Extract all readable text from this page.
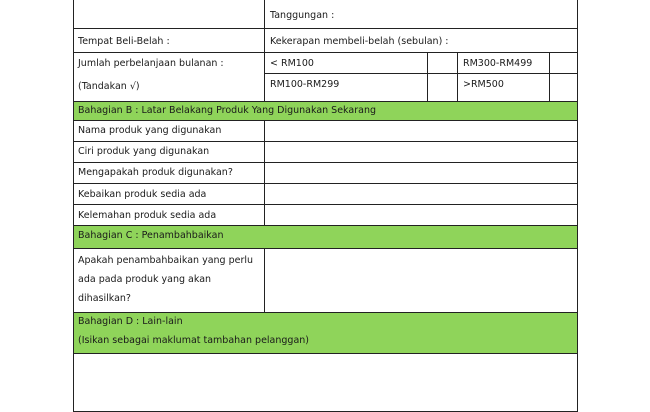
Tanggungan :
Tempat Beli-Belah :	Kekerapan membeli-belah (sebulan) :
Jumlah perbelanjaan bulanan :
(Tandakan √)
< RM100	RM300-RM499
RM100-RM299	>RM500
Bahagian B : Latar Belakang Produk Yang Digunakan Sekarang
Nama produk yang digunakan
Ciri produk yang digunakan
Mengapakah produk digunakan?
Kebaikan produk sedia ada
Kelemahan produk sedia ada
Bahagian C : Penambahbaikan
Apakah penambahbaikan yang perlu
ada pada produk yang akan
dihasilkan?
Bahagian D : Lain-lain
(Isikan sebagai maklumat tambahan pelanggan)
